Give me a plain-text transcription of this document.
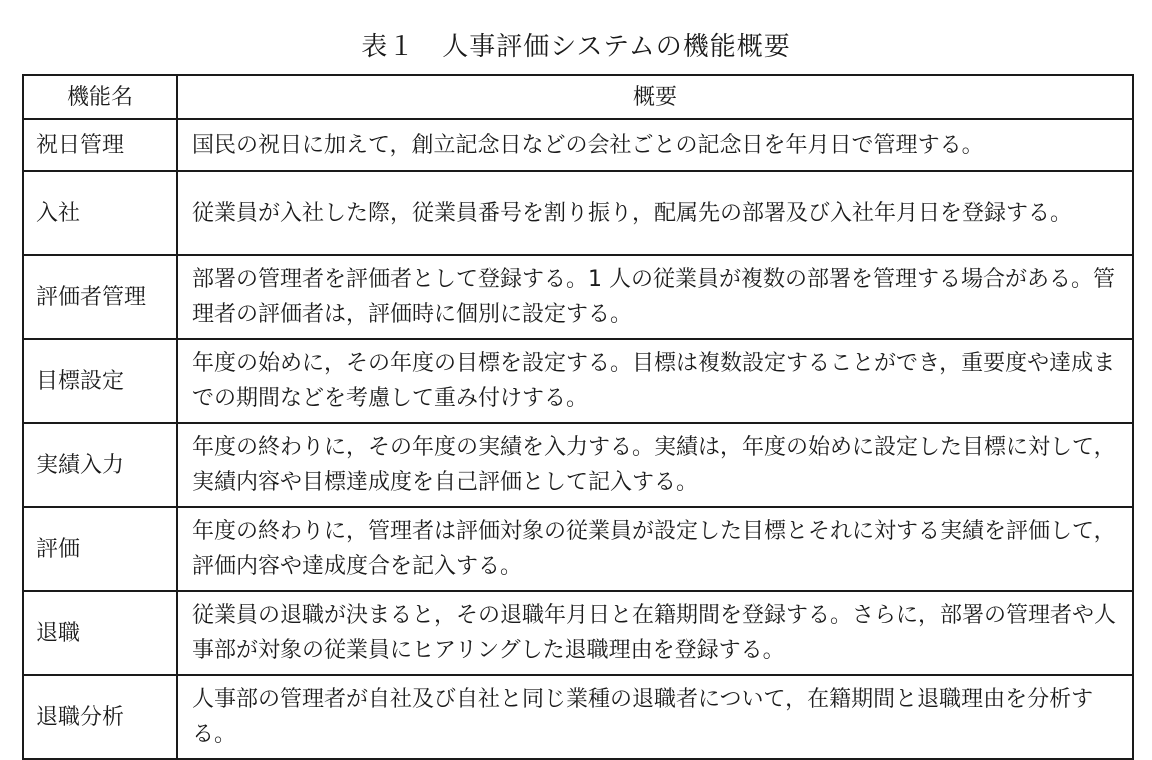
表１　人事評価システムの機能概要
機能名	概要
祝日管理	国民の祝日に加えて，創立記念日などの会社ごとの記念日を年月日で管理する。
入社	従業員が入社した際，従業員番号を割り振り，配属先の部署及び入社年月日を登録する。
評価者管理	部署の管理者を評価者として登録する。1 人の従業員が複数の部署を管理する場合がある。管理者の評価者は，評価時に個別に設定する。
目標設定	年度の始めに，その年度の目標を設定する。目標は複数設定することができ，重要度や達成までの期間などを考慮して重み付けする。
実績入力	年度の終わりに，その年度の実績を入力する。実績は，年度の始めに設定した目標に対して，実績内容や目標達成度を自己評価として記入する。
評価	年度の終わりに，管理者は評価対象の従業員が設定した目標とそれに対する実績を評価して，評価内容や達成度合を記入する。
退職	従業員の退職が決まると，その退職年月日と在籍期間を登録する。さらに，部署の管理者や人事部が対象の従業員にヒアリングした退職理由を登録する。
退職分析	人事部の管理者が自社及び自社と同じ業種の退職者について，在籍期間と退職理由を分析する。
